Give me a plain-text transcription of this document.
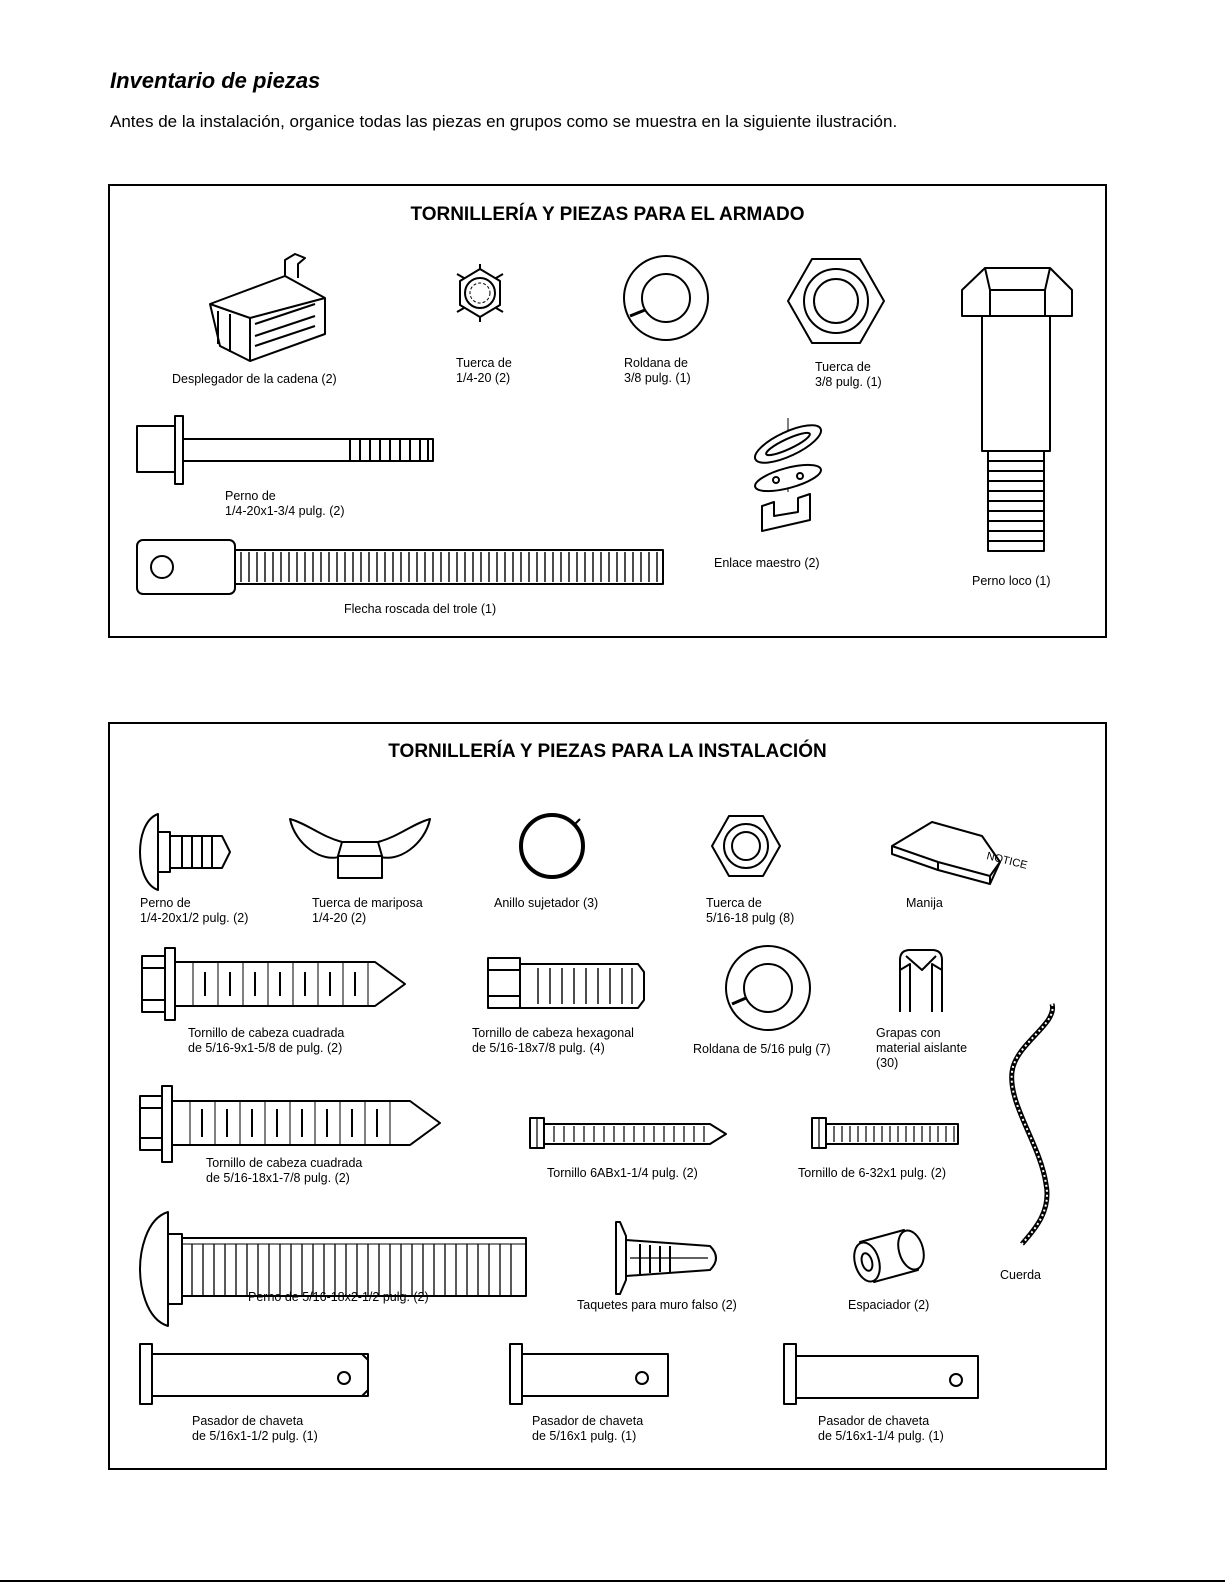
Inventario de piezas

Antes de la instalación, organice todas las piezas en grupos como se muestra en la siguiente ilustración.

TORNILLERÍA Y PIEZAS PARA EL ARMADO
Desplegador de la cadena (2)
Tuerca de
1/4-20 (2)
Roldana de
3/8 pulg. (1)
Tuerca de
3/8 pulg. (1)
Perno de
1/4-20x1-3/4 pulg. (2)
Enlace maestro (2)
Perno loco (1)
Flecha roscada del trole (1)
TORNILLERÍA Y PIEZAS PARA LA INSTALACIÓN
NOTICE
Perno de
1/4-20x1/2 pulg. (2)
Tuerca de mariposa
1/4-20 (2)
Anillo sujetador (3)	Tuerca de
5/16-18 pulg (8)
Manija
Tornillo de cabeza cuadrada
de 5/16-9x1-5/8 de pulg. (2)
Tornillo de cabeza hexagonal
de 5/16-18x7/8 pulg. (4)	Roldana de 5/16 pulg (7)
Grapas con
material aislante
(30)
Tornillo de cabeza cuadrada
de 5/16-18x1-7/8 pulg. (2)	Tornillo 6ABx1-1/4 pulg. (2)	Tornillo de 6-32x1 pulg. (2)
Cuerda
Perno de 5/16-18x2-1/2 pulg. (2)
Taquetes para muro falso (2)	Espaciador (2)
Pasador de chaveta
de 5/16x1-1/2 pulg. (1)
Pasador de chaveta
de 5/16x1 pulg. (1)
Pasador de chaveta
de 5/16x1-1/4 pulg. (1)
